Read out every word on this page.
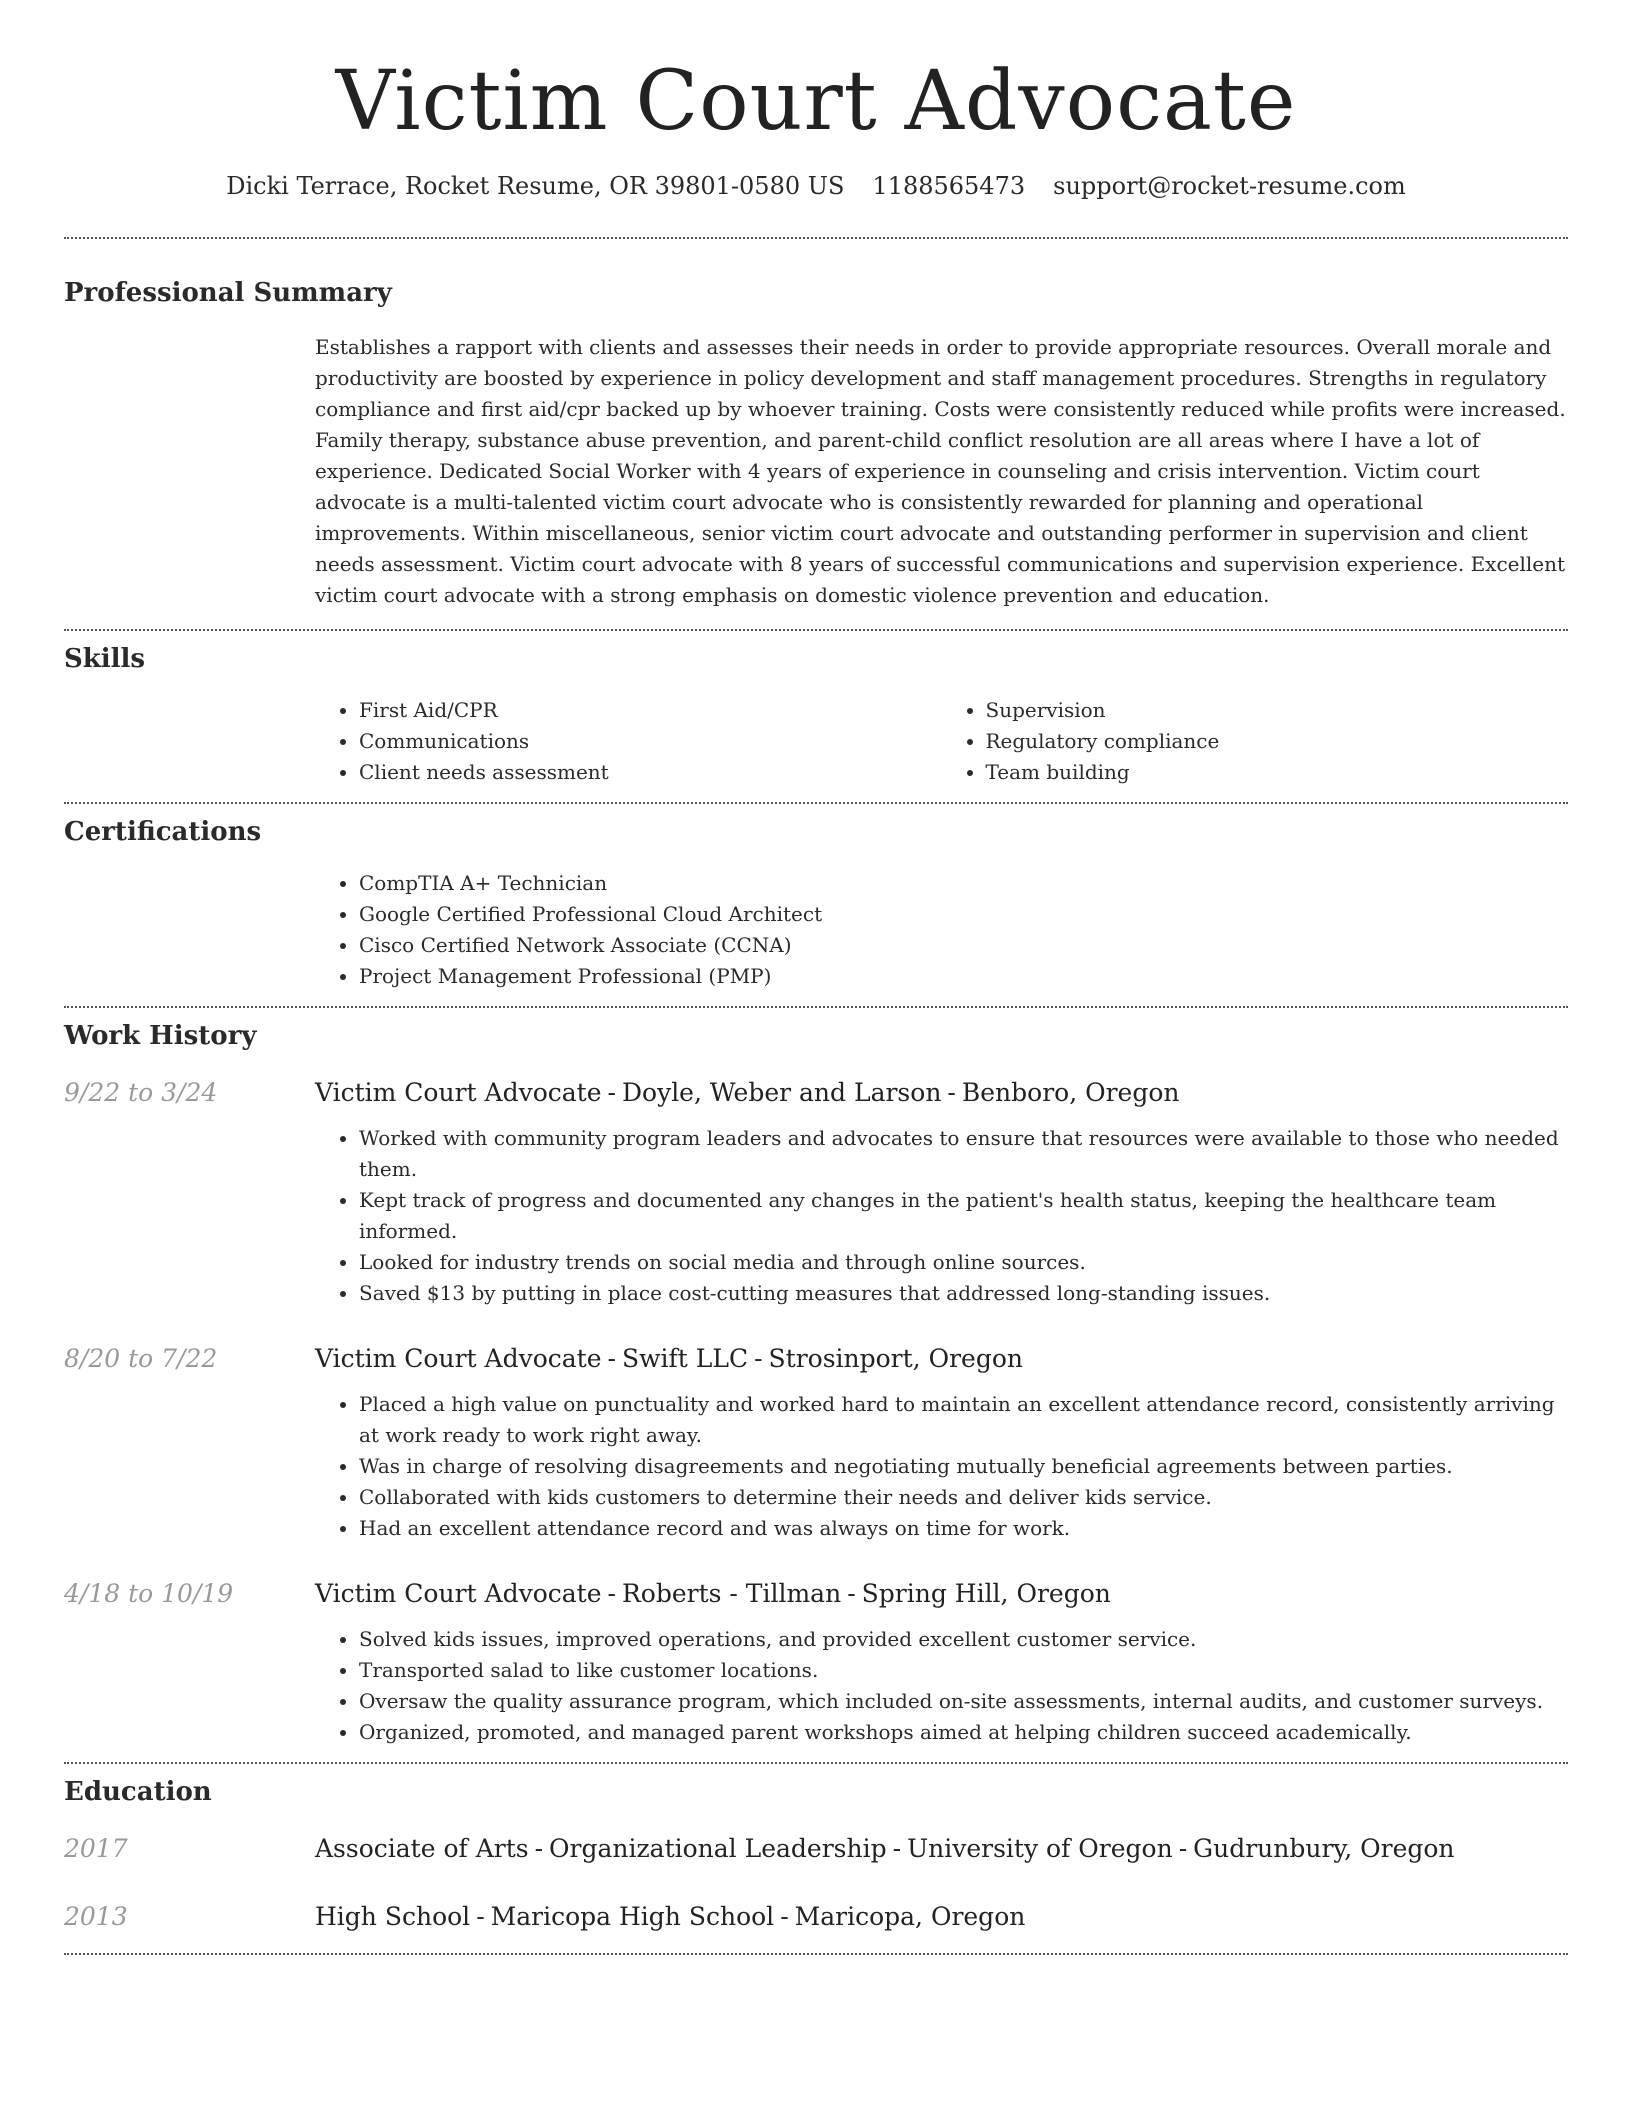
Victim Court Advocate
Dicki Terrace, Rocket Resume, OR 39801-0580 US 1188565473 support@rocket-resume.com
Professional Summary
Establishes a rapport with clients and assesses their needs in order to provide appropriate resources. Overall morale and productivity are boosted by experience in policy development and staff management procedures. Strengths in regulatory compliance and first aid/cpr backed up by whoever training. Costs were consistently reduced while profits were increased. Family therapy, substance abuse prevention, and parent-child conflict resolution are all areas where I have a lot of experience. Dedicated Social Worker with 4 years of experience in counseling and crisis intervention. Victim court advocate is a multi-talented victim court advocate who is consistently rewarded for planning and operational improvements. Within miscellaneous, senior victim court advocate and outstanding performer in supervision and client needs assessment. Victim court advocate with 8 years of successful communications and supervision experience. Excellent victim court advocate with a strong emphasis on domestic violence prevention and education.
Skills
• First Aid/CPR
• Communications
• Client needs assessment
• Supervision
• Regulatory compliance
• Team building
Certifications
• CompTIA A+ Technician
• Google Certified Professional Cloud Architect
• Cisco Certified Network Associate (CCNA)
• Project Management Professional (PMP)
Work History
9/22 to 3/24	Victim Court Advocate - Doyle, Weber and Larson - Benboro, Oregon
• Worked with community program leaders and advocates to ensure that resources were available to those who needed them.
• Kept track of progress and documented any changes in the patient's health status, keeping the healthcare team informed.
• Looked for industry trends on social media and through online sources.
• Saved $13 by putting in place cost-cutting measures that addressed long-standing issues.
8/20 to 7/22	Victim Court Advocate - Swift LLC - Strosinport, Oregon
• Placed a high value on punctuality and worked hard to maintain an excellent attendance record, consistently arriving at work ready to work right away.
• Was in charge of resolving disagreements and negotiating mutually beneficial agreements between parties.
• Collaborated with kids customers to determine their needs and deliver kids service.
• Had an excellent attendance record and was always on time for work.
4/18 to 10/19	Victim Court Advocate - Roberts - Tillman - Spring Hill, Oregon
• Solved kids issues, improved operations, and provided excellent customer service.
• Transported salad to like customer locations.
• Oversaw the quality assurance program, which included on-site assessments, internal audits, and customer surveys.
• Organized, promoted, and managed parent workshops aimed at helping children succeed academically.
Education
2017	Associate of Arts - Organizational Leadership - University of Oregon - Gudrunbury, Oregon
2013	High School - Maricopa High School - Maricopa, Oregon
